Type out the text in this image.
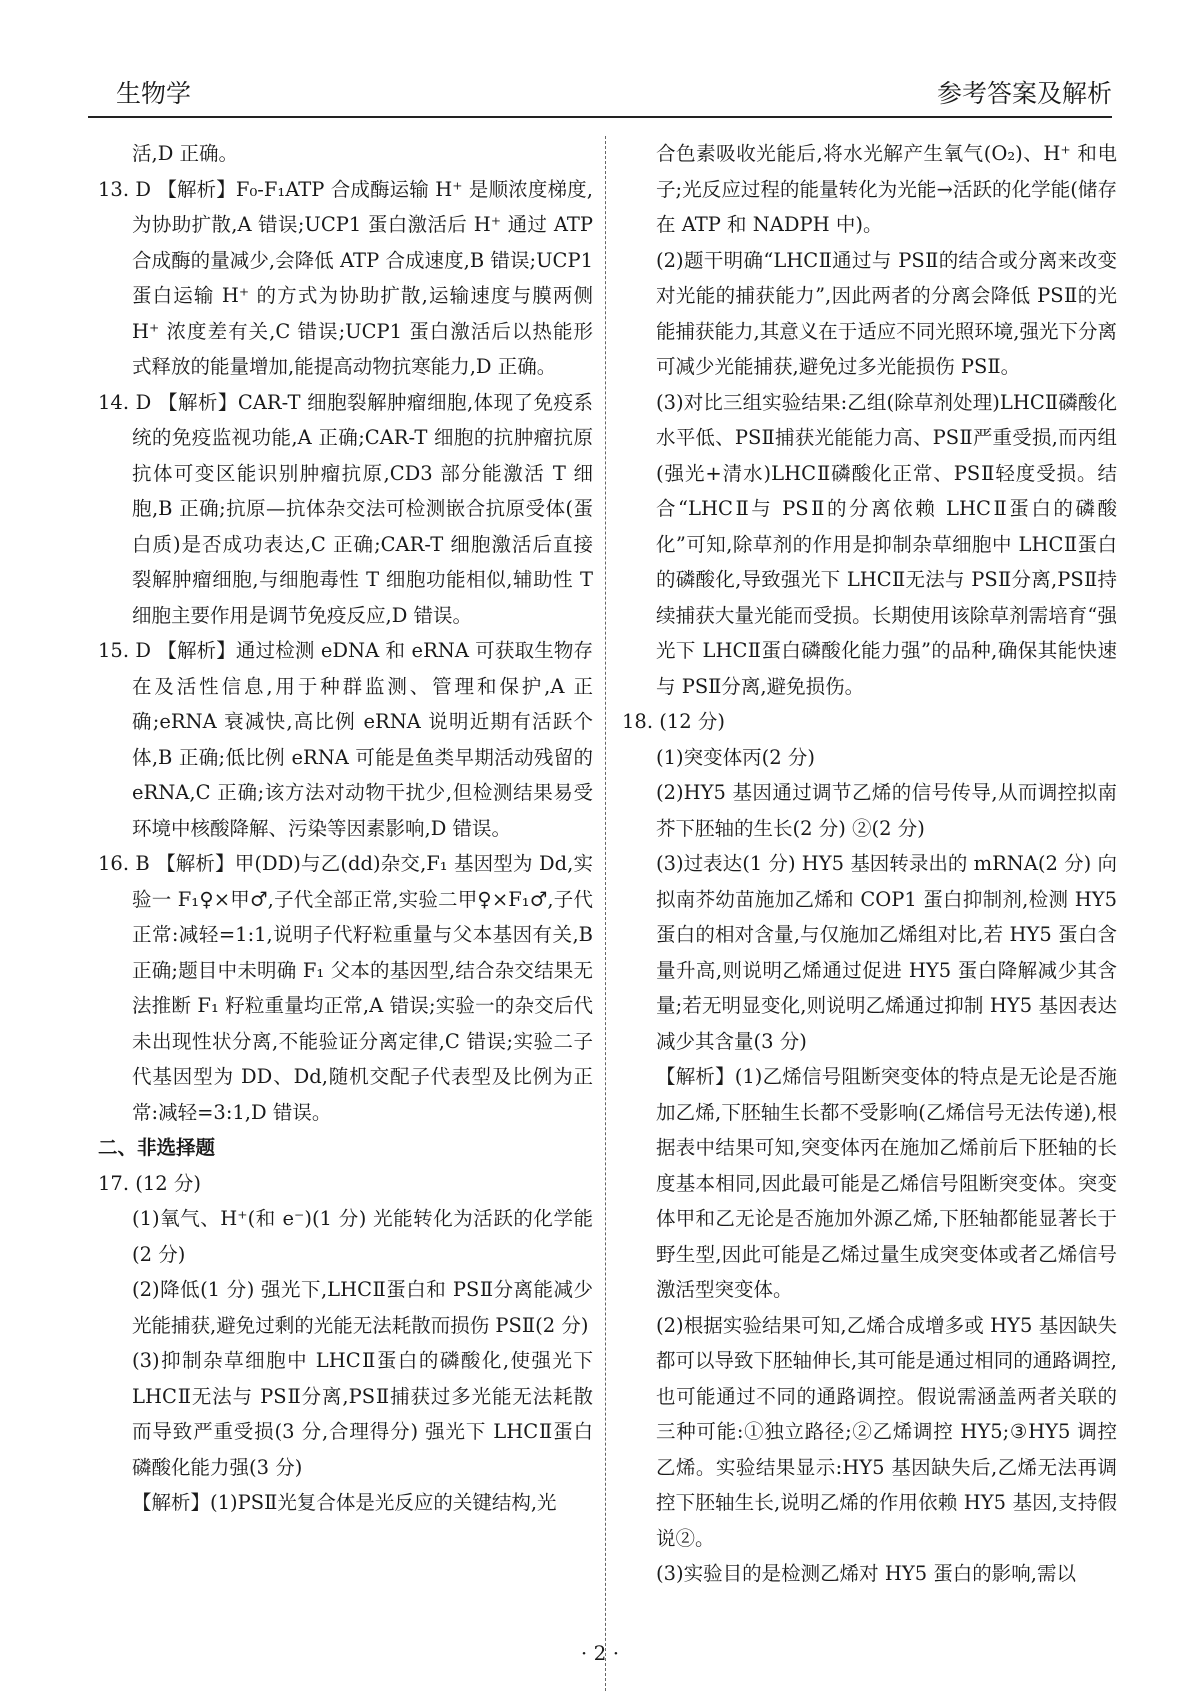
生物学	参考答案及解析

活,D 正确。

13. D 【解析】F₀-F₁ATP 合成酶运输 H⁺ 是顺浓度梯度,为协助扩散,A 错误;UCP1 蛋白激活后 H⁺ 通过 ATP 合成酶的量减少,会降低 ATP 合成速度,B 错误;UCP1 蛋白运输 H⁺ 的方式为协助扩散,运输速度与膜两侧 H⁺ 浓度差有关,C 错误;UCP1 蛋白激活后以热能形式释放的能量增加,能提高动物抗寒能力,D 正确。

14. D 【解析】CAR-T 细胞裂解肿瘤细胞,体现了免疫系统的免疫监视功能,A 正确;CAR-T 细胞的抗肿瘤抗原抗体可变区能识别肿瘤抗原,CD3 部分能激活 T 细胞,B 正确;抗原—抗体杂交法可检测嵌合抗原受体(蛋白质)是否成功表达,C 正确;CAR-T 细胞激活后直接裂解肿瘤细胞,与细胞毒性 T 细胞功能相似,辅助性 T 细胞主要作用是调节免疫反应,D 错误。

15. D 【解析】通过检测 eDNA 和 eRNA 可获取生物存在及活性信息,用于种群监测、管理和保护,A 正确;eRNA 衰减快,高比例 eRNA 说明近期有活跃个体,B 正确;低比例 eRNA 可能是鱼类早期活动残留的 eRNA,C 正确;该方法对动物干扰少,但检测结果易受环境中核酸降解、污染等因素影响,D 错误。

16. B 【解析】甲(DD)与乙(dd)杂交,F₁ 基因型为 Dd,实验一 F₁♀×甲♂,子代全部正常,实验二甲♀×F₁♂,子代正常:减轻=1:1,说明子代籽粒重量与父本基因有关,B 正确;题目中未明确 F₁ 父本的基因型,结合杂交结果无法推断 F₁ 籽粒重量均正常,A 错误;实验一的杂交后代未出现性状分离,不能验证分离定律,C 错误;实验二子代基因型为 DD、Dd,随机交配子代表型及比例为正常:减轻=3:1,D 错误。

二、非选择题

17. (12 分)

(1)氧气、H⁺(和 e⁻)(1 分) 光能转化为活跃的化学能(2 分)

(2)降低(1 分) 强光下,LHCⅡ蛋白和 PSⅡ分离能减少光能捕获,避免过剩的光能无法耗散而损伤 PSⅡ(2 分)

(3)抑制杂草细胞中 LHCⅡ蛋白的磷酸化,使强光下 LHCⅡ无法与 PSⅡ分离,PSⅡ捕获过多光能无法耗散而导致严重受损(3 分,合理得分) 强光下 LHCⅡ蛋白磷酸化能力强(3 分)

【解析】(1)PSⅡ光复合体是光反应的关键结构,光

合色素吸收光能后,将水光解产生氧气(O₂)、H⁺ 和电子;光反应过程的能量转化为光能→活跃的化学能(储存在 ATP 和 NADPH 中)。

(2)题干明确“LHCⅡ通过与 PSⅡ的结合或分离来改变对光能的捕获能力”,因此两者的分离会降低 PSⅡ的光能捕获能力,其意义在于适应不同光照环境,强光下分离可减少光能捕获,避免过多光能损伤 PSⅡ。

(3)对比三组实验结果:乙组(除草剂处理)LHCⅡ磷酸化水平低、PSⅡ捕获光能能力高、PSⅡ严重受损,而丙组(强光+清水)LHCⅡ磷酸化正常、PSⅡ轻度受损。结合“LHCⅡ与 PSⅡ的分离依赖 LHCⅡ蛋白的磷酸化”可知,除草剂的作用是抑制杂草细胞中 LHCⅡ蛋白的磷酸化,导致强光下 LHCⅡ无法与 PSⅡ分离,PSⅡ持续捕获大量光能而受损。长期使用该除草剂需培育“强光下 LHCⅡ蛋白磷酸化能力强”的品种,确保其能快速与 PSⅡ分离,避免损伤。

18. (12 分)

(1)突变体丙(2 分)

(2)HY5 基因通过调节乙烯的信号传导,从而调控拟南芥下胚轴的生长(2 分) ②(2 分)

(3)过表达(1 分) HY5 基因转录出的 mRNA(2 分) 向拟南芥幼苗施加乙烯和 COP1 蛋白抑制剂,检测 HY5 蛋白的相对含量,与仅施加乙烯组对比,若 HY5 蛋白含量升高,则说明乙烯通过促进 HY5 蛋白降解减少其含量;若无明显变化,则说明乙烯通过抑制 HY5 基因表达减少其含量(3 分)

【解析】(1)乙烯信号阻断突变体的特点是无论是否施加乙烯,下胚轴生长都不受影响(乙烯信号无法传递),根据表中结果可知,突变体丙在施加乙烯前后下胚轴的长度基本相同,因此最可能是乙烯信号阻断突变体。突变体甲和乙无论是否施加外源乙烯,下胚轴都能显著长于野生型,因此可能是乙烯过量生成突变体或者乙烯信号激活型突变体。

(2)根据实验结果可知,乙烯合成增多或 HY5 基因缺失都可以导致下胚轴伸长,其可能是通过相同的通路调控,也可能通过不同的通路调控。假说需涵盖两者关联的三种可能:①独立路径;②乙烯调控 HY5;③HY5 调控乙烯。实验结果显示:HY5 基因缺失后,乙烯无法再调控下胚轴生长,说明乙烯的作用依赖 HY5 基因,支持假说②。

(3)实验目的是检测乙烯对 HY5 蛋白的影响,需以

· 2 ·
